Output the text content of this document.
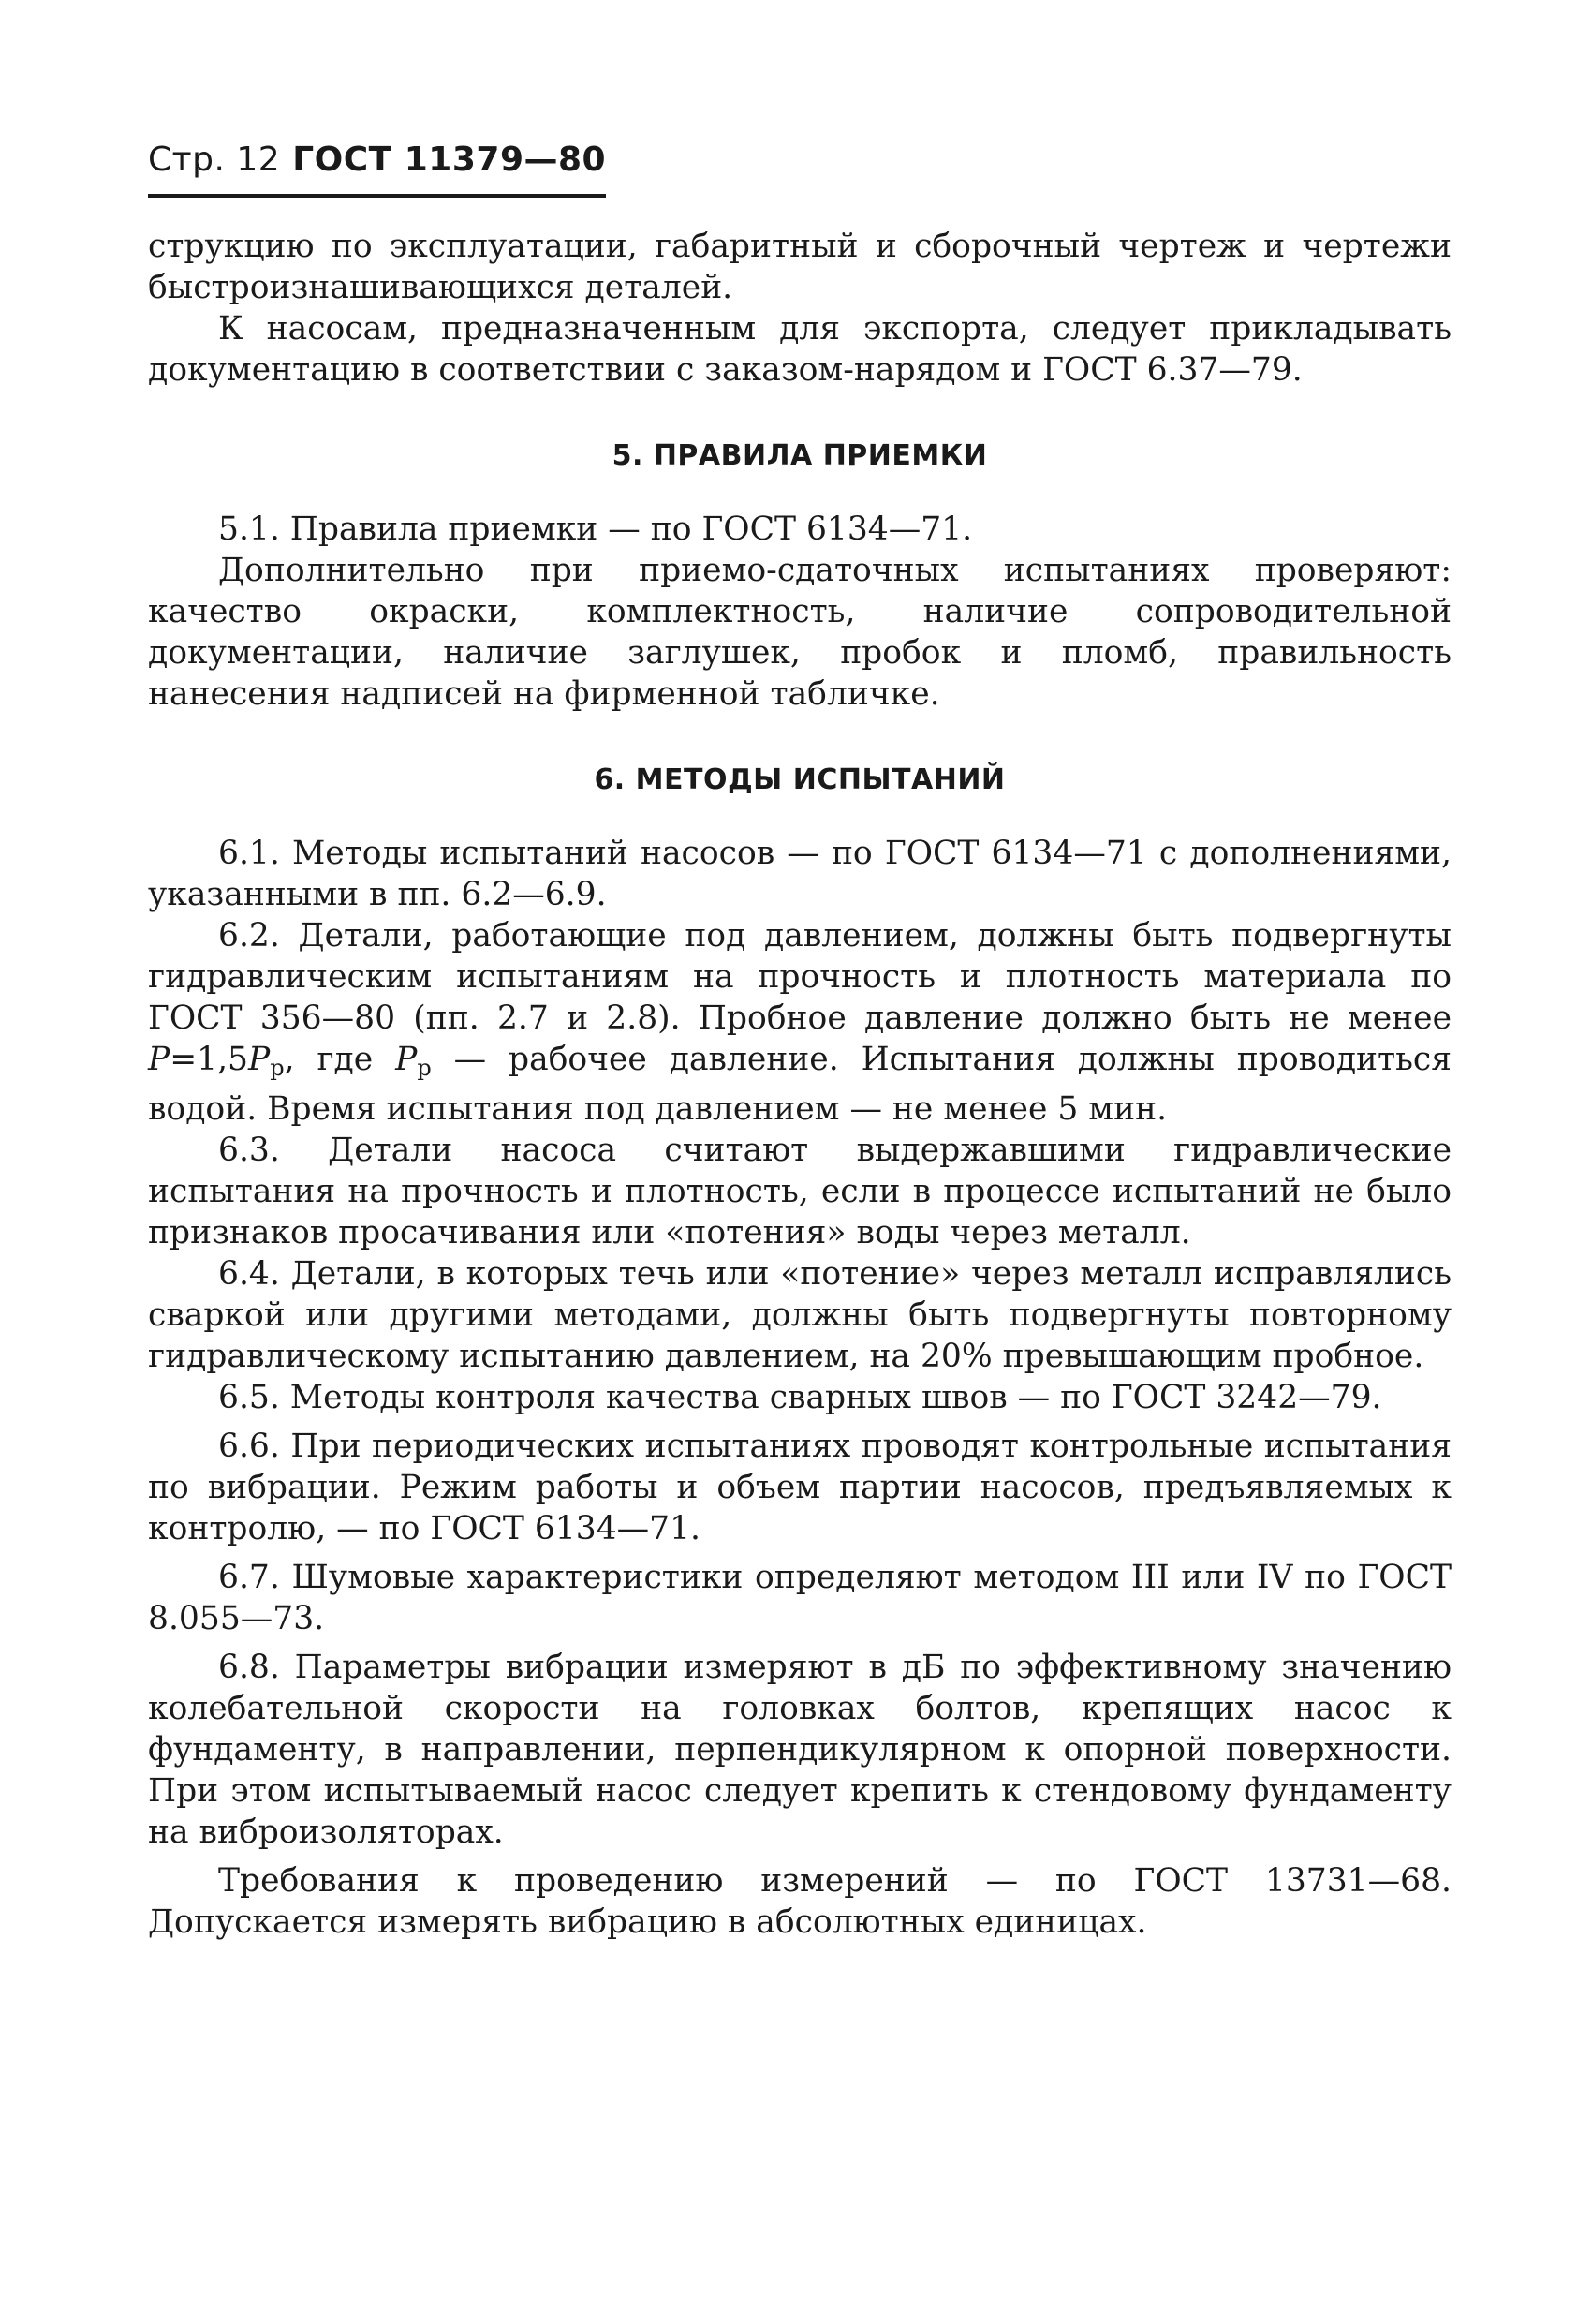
Стр. 12 ГОСТ 11379—80

струкцию по эксплуатации, габаритный и сборочный чертеж и чертежи быстроизнашивающихся деталей.

К насосам, предназначенным для экспорта, следует прикладывать документацию в соответствии с заказом-нарядом и ГОСТ 6.37—79.

5. ПРАВИЛА ПРИЕМКИ

5.1. Правила приемки — по ГОСТ 6134—71.

Дополнительно при приемо-сдаточных испытаниях проверяют: качество окраски, комплектность, наличие сопроводительной документации, наличие заглушек, пробок и пломб, правильность нанесения надписей на фирменной табличке.

6. МЕТОДЫ ИСПЫТАНИЙ

6.1. Методы испытаний насосов — по ГОСТ 6134—71 с дополнениями, указанными в пп. 6.2—6.9.

6.2. Детали, работающие под давлением, должны быть подвергнуты гидравлическим испытаниям на прочность и плотность материала по ГОСТ 356—80 (пп. 2.7 и 2.8). Пробное давление должно быть не менее $P=1,5P_р$, где $P_р$ — рабочее давление. Испытания должны проводиться водой. Время испытания под давлением — не менее 5 мин.

6.3. Детали насоса считают выдержавшими гидравлические испытания на прочность и плотность, если в процессе испытаний не было признаков просачивания или «потения» воды через металл.

6.4. Детали, в которых течь или «потение» через металл исправлялись сваркой или другими методами, должны быть подвергнуты повторному гидравлическому испытанию давлением, на 20% превышающим пробное.

6.5. Методы контроля качества сварных швов — по ГОСТ 3242—79.

6.6. При периодических испытаниях проводят контрольные испытания по вибрации. Режим работы и объем партии насосов, предъявляемых к контролю, — по ГОСТ 6134—71.

6.7. Шумовые характеристики определяют методом III или IV по ГОСТ 8.055—73.

6.8. Параметры вибрации измеряют в дБ по эффективному значению колебательной скорости на головках болтов, крепящих насос к фундаменту, в направлении, перпендикулярном к опорной поверхности. При этом испытываемый насос следует крепить к стендовому фундаменту на виброизоляторах.

Требования к проведению измерений — по ГОСТ 13731—68. Допускается измерять вибрацию в абсолютных единицах.
